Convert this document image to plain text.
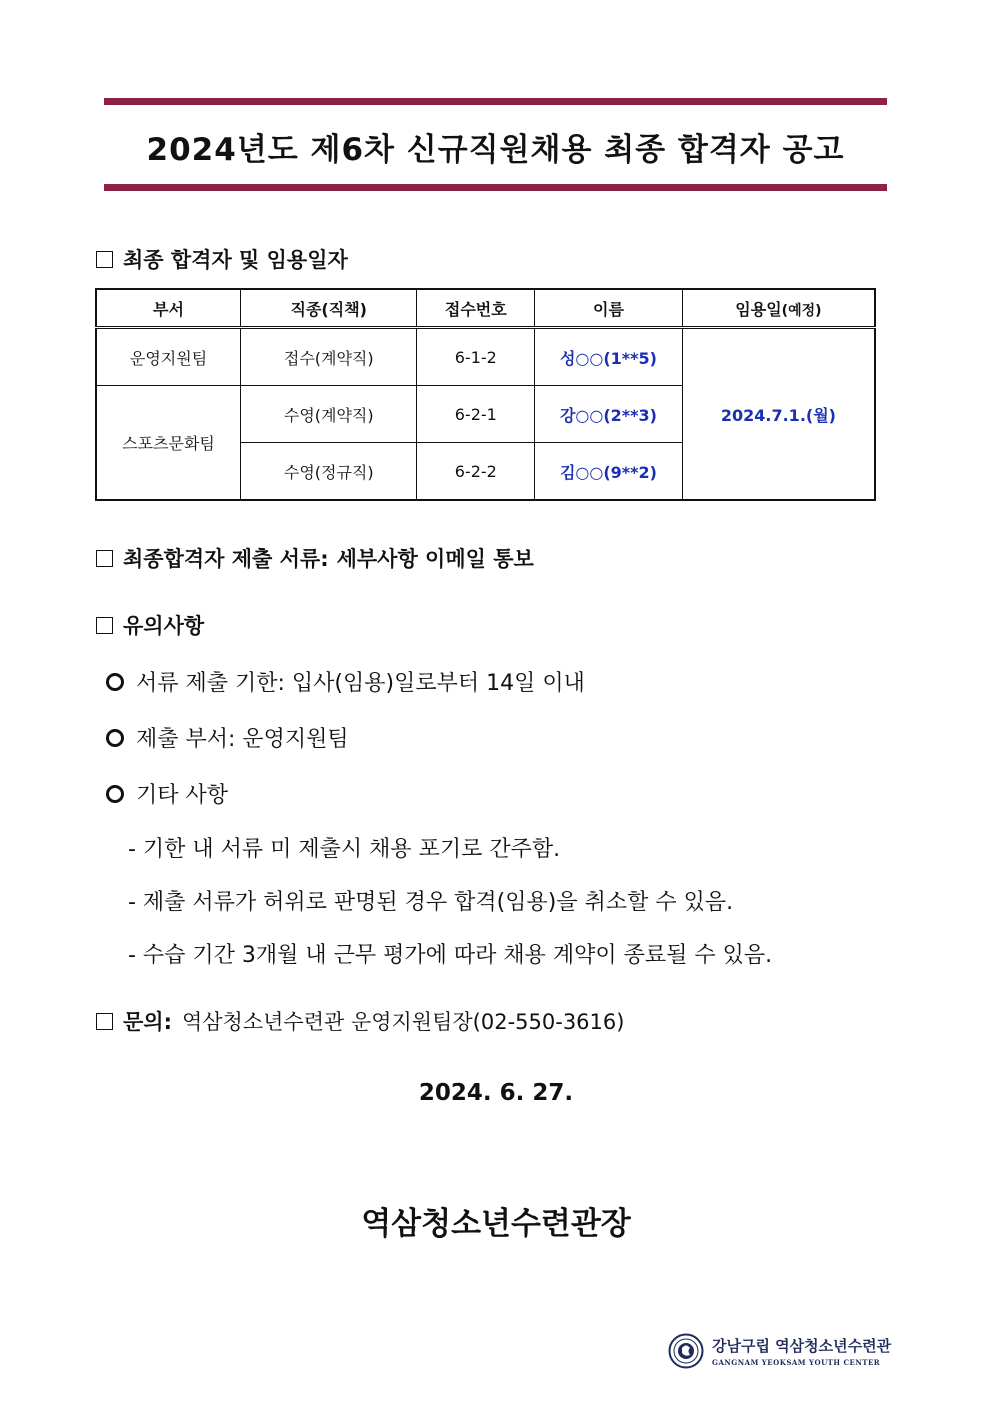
2024년도 제6차 신규직원채용 최종 합격자 공고
최종 합격자 및 임용일자
부서	직종(직책)	접수번호	이름	임용일(예정)
운영지원팀	접수(계약직)	6-1-2	성○○(1**5)	2024.7.1.(월)
스포츠문화팀	수영(계약직)	6-2-1	강○○(2**3)	
	수영(정규직)	6-2-2	김○○(9**2)	
최종합격자 제출 서류: 세부사항 이메일 통보
유의사항
서류 제출 기한: 입사(임용)일로부터 14일 이내
제출 부서: 운영지원팀
기타 사항
- 기한 내 서류 미 제출시 채용 포기로 간주함.
- 제출 서류가 허위로 판명된 경우 합격(임용)을 취소할 수 있음.
- 수습 기간 3개월 내 근무 평가에 따라 채용 계약이 종료될 수 있음.
문의: 역삼청소년수련관 운영지원팀장(02-550-3616)
2024. 6. 27.
역삼청소년수련관장
강남구립 역삼청소년수련관
GANGNAM YEOKSAM YOUTH CENTER
